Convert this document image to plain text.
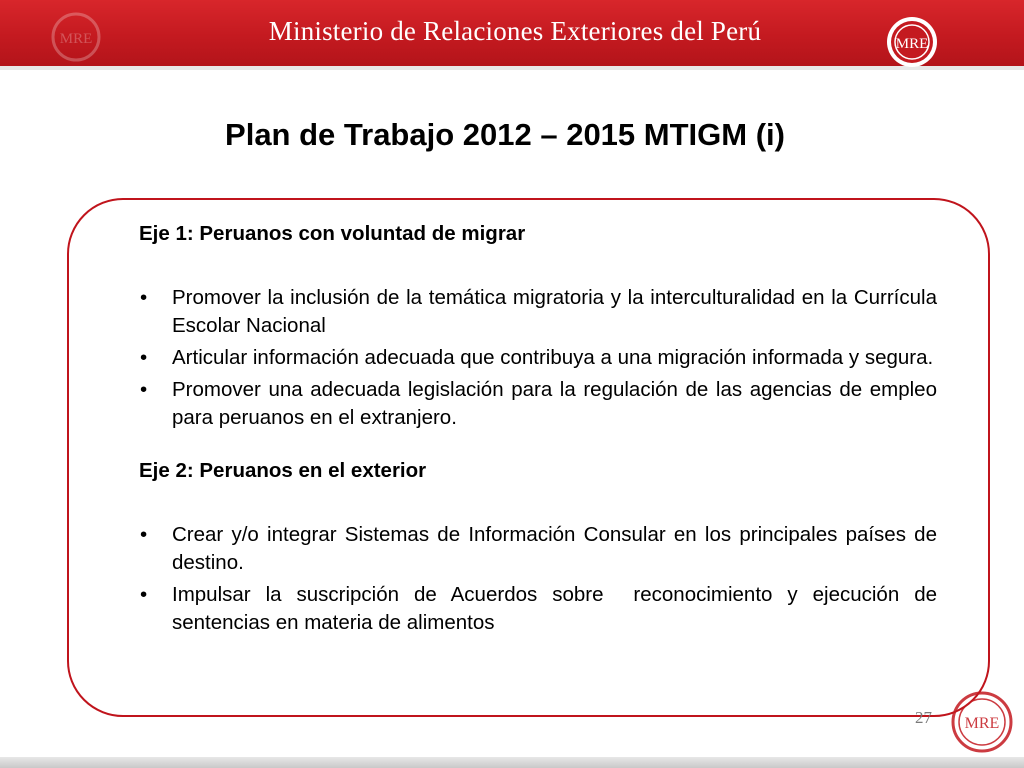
MRE	Ministerio de Relaciones Exteriores del Perú	MRE
Plan de Trabajo 2012 – 2015 MTIGM (i)

Eje 1: Peruanos con voluntad de migrar

• Promover la inclusión de la temática migratoria y la interculturalidad en la Currícula Escolar Nacional
• Articular información adecuada que contribuya a una migración informada y segura.
• Promover una adecuada legislación para la regulación de las agencias de empleo para peruanos en el extranjero.

Eje 2: Peruanos en el exterior

• Crear y/o integrar Sistemas de Información Consular en los principales países de destino.
• Impulsar la suscripción de Acuerdos sobre  reconocimiento y ejecución de sentencias en materia de alimentos
27 MRE
